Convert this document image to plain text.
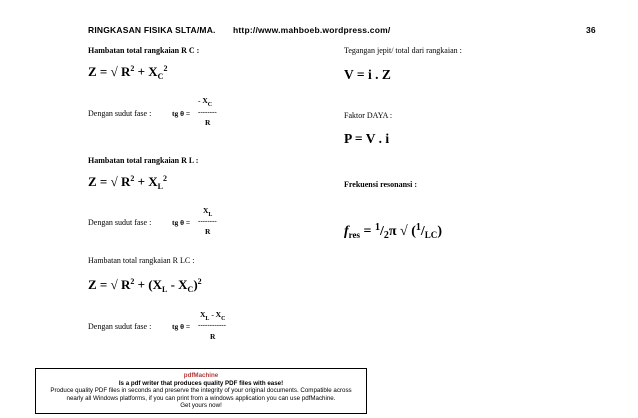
RINGKASAN FISIKA SLTA/MA. http://www.mahboeb.wordpress.com/	36
Hambatan total rangkaian R C :
Z = √ $R^2 + X_C^2$
Dengan sudut fase :	tg θ =
- $X_C$
--------
R
Hambatan total rangkaian R L :
Z = √ $R^2 + X_L^2$
Dengan sudut fase :	tg θ =
$X_L$
--------
R
Hambatan total rangkaian R LC :
Z = √ $R^2 + (X_L - X_C)^2$
Dengan sudut fase :	tg θ =
$X_L - X_C$
------------
R
Tegangan jepit/ total dari rangkaian :
V = i . Z
Faktor DAYA :
P = V . i
Frekuensi resonansi :
$f_{res} = ^1/_2\pi$ √ $(^1/_{LC})$
pdfMachine
Is a pdf writer that produces quality PDF files with ease!
Produce quality PDF files in seconds and preserve the integrity of your original documents. Compatible across
nearly all Windows platforms, if you can print from a windows application you can use pdfMachine.
Get yours now!
